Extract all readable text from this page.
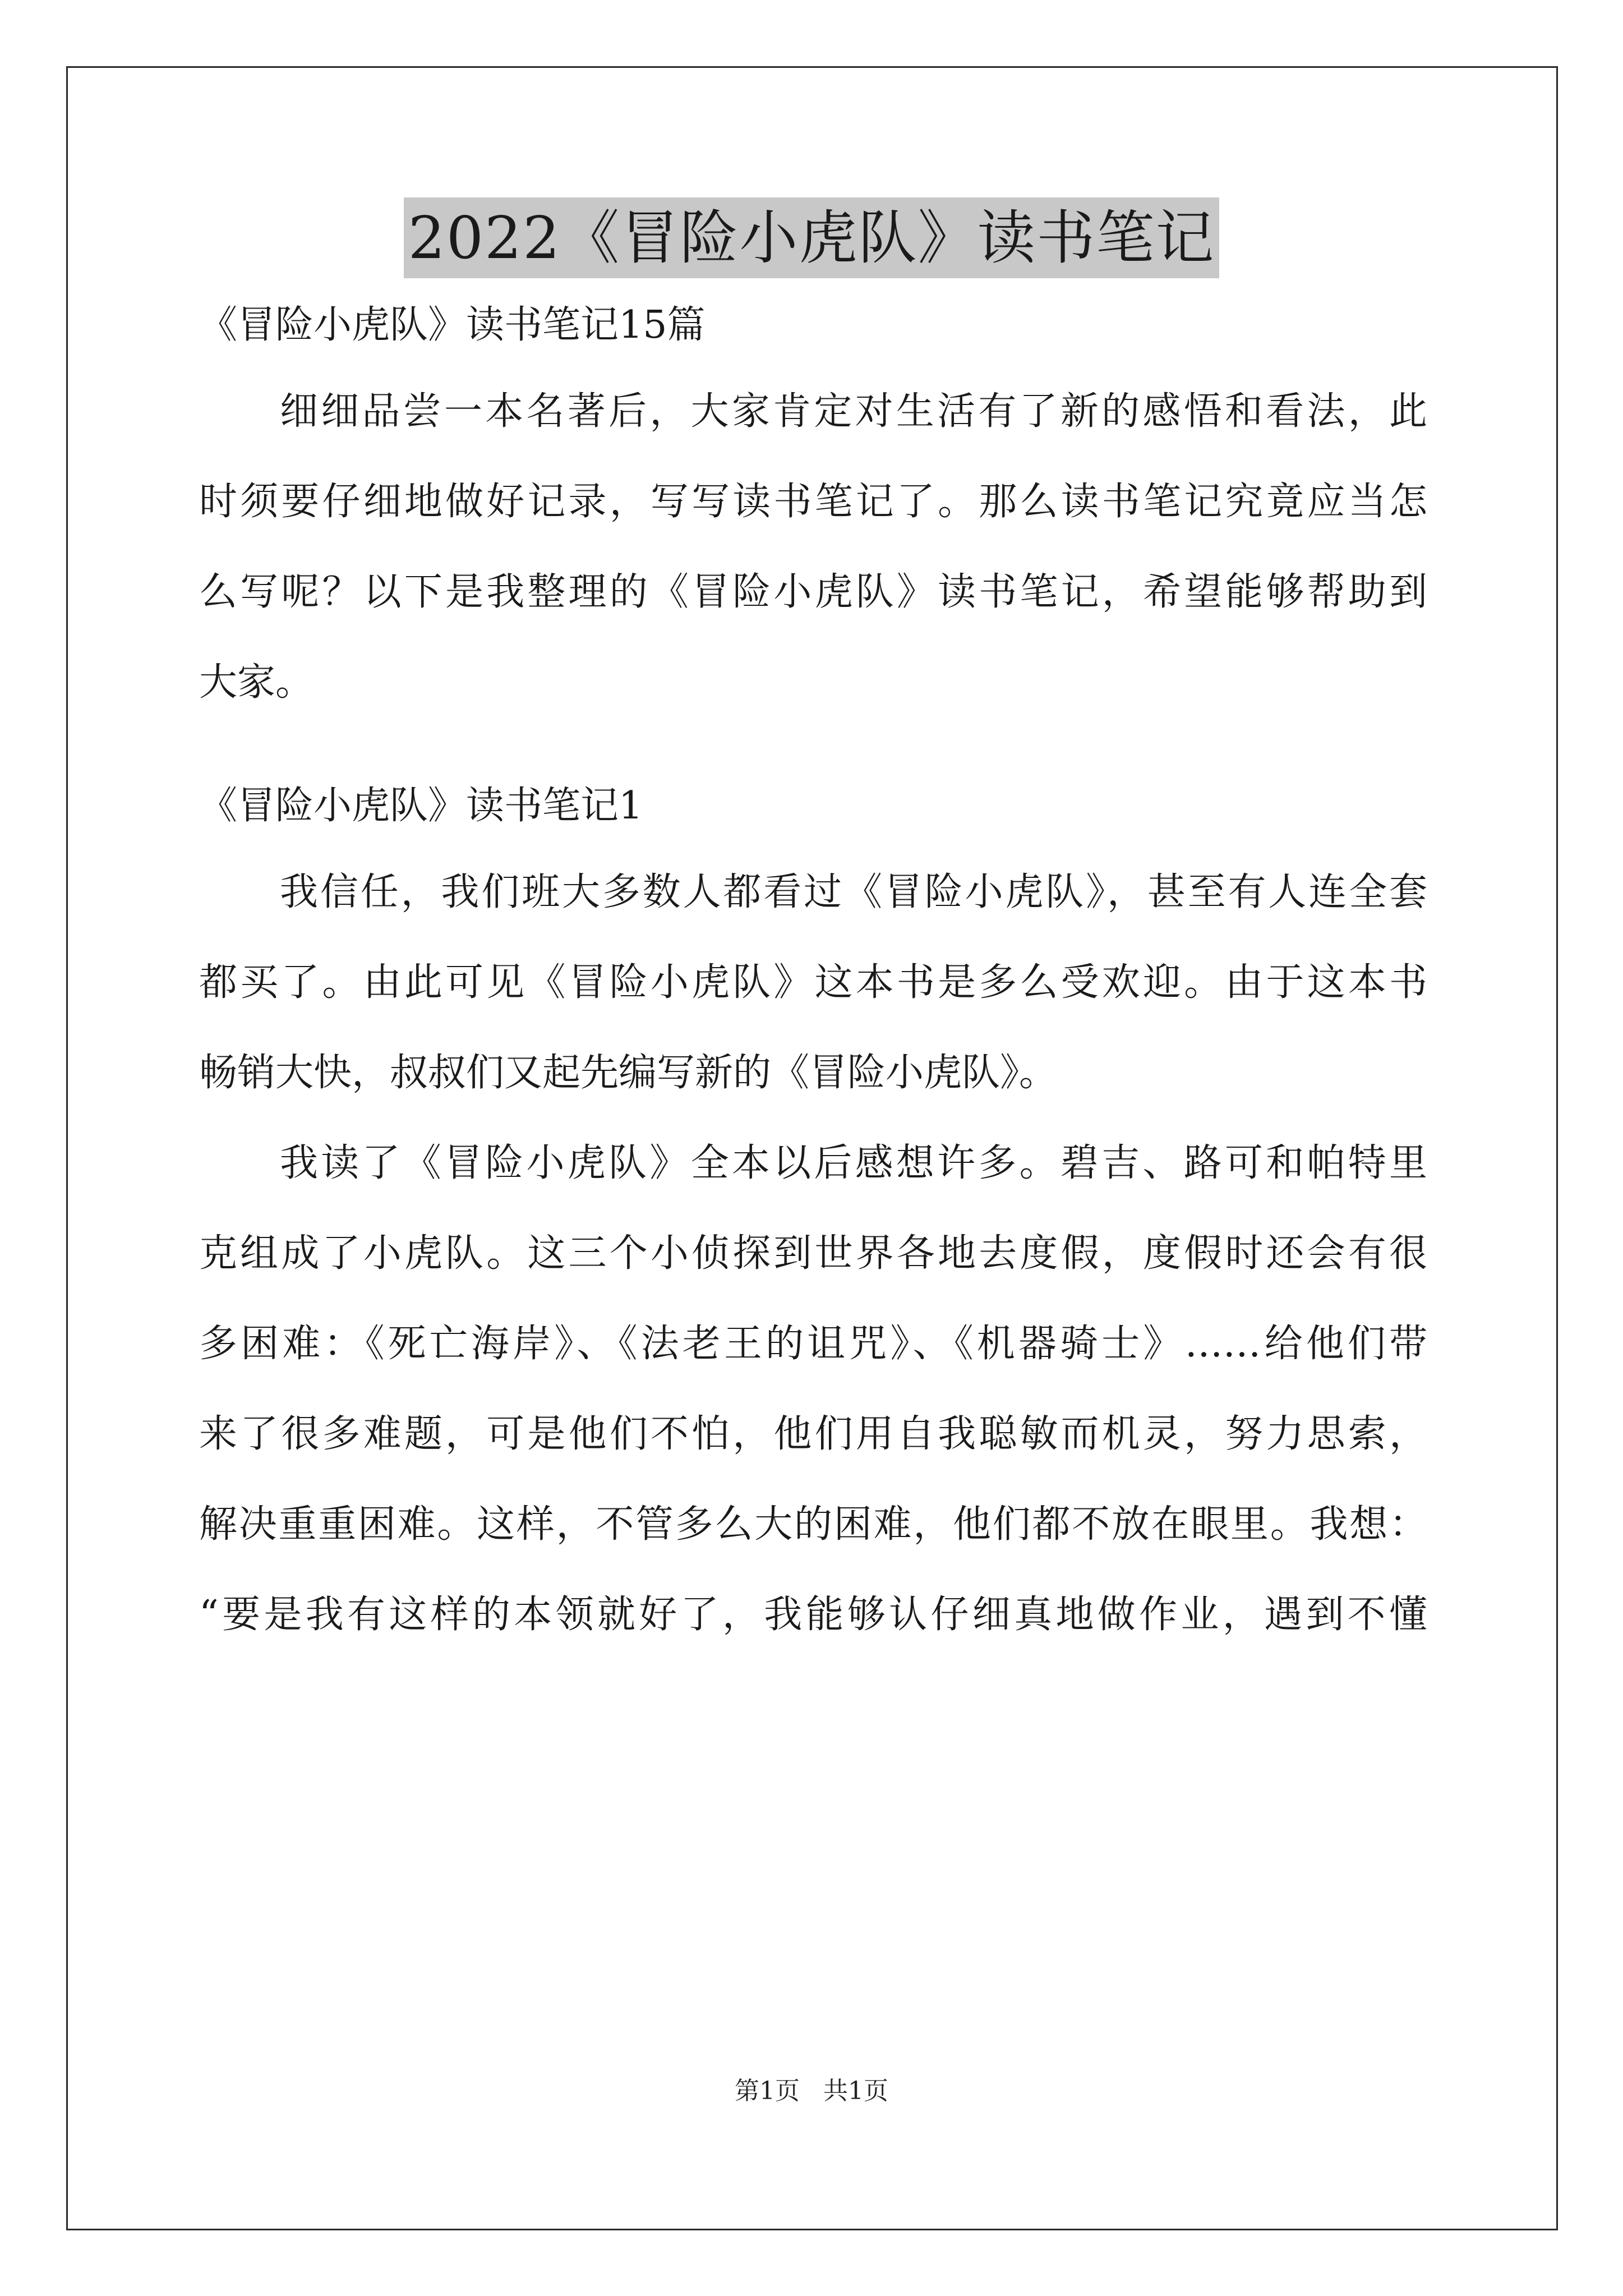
2022《冒险小虎队》读书笔记

《冒险小虎队》读书笔记15篇

细细品尝一本名著后，大家肯定对生活有了新的感悟和看法，此
时须要仔细地做好记录，写写读书笔记了。那么读书笔记究竟应当怎
么写呢？以下是我整理的《冒险小虎队》读书笔记，希望能够帮助到
大家。

《冒险小虎队》读书笔记1

我信任，我们班大多数人都看过《冒险小虎队》，甚至有人连全套
都买了。由此可见《冒险小虎队》这本书是多么受欢迎。由于这本书
畅销大快，叔叔们又起先编写新的《冒险小虎队》。
我读了《冒险小虎队》全本以后感想许多。碧吉、路可和帕特里
克组成了小虎队。这三个小侦探到世界各地去度假，度假时还会有很
多困难：《死亡海岸》、《法老王的诅咒》、《机器骑士》……给他们带
来了很多难题，可是他们不怕，他们用自我聪敏而机灵，努力思索，
解决重重困难。这样，不管多么大的困难，他们都不放在眼里。我想：
“要是我有这样的本领就好了，我能够认仔细真地做作业，遇到不懂
第1页 共1页
